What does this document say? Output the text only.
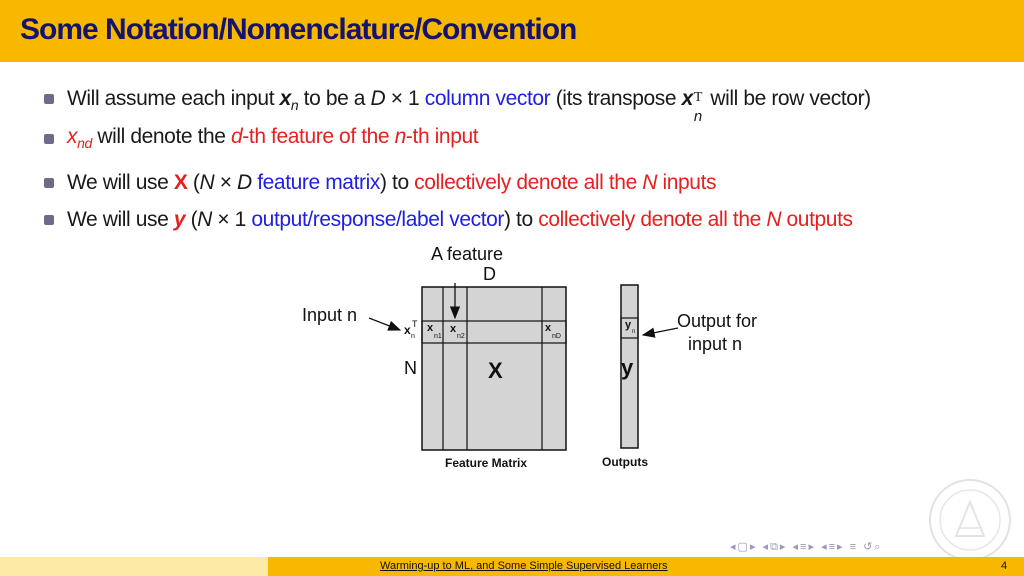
Some Notation/Nomenclature/Convention
Will assume each input $x_n$ to be a D × 1 column vector (its transpose x T
n
will be row vector)
$x_{nd}$ will denote the d-th feature of the n-th input
We will use X (N × D feature matrix) to collectively denote all the N inputs
We will use y (N × 1 output/response/label vector) to collectively denote all the N outputs
A feature
D
Input n
N	X	y
Output for
input n
Feature Matrix	Outputs
x T
n
x
n1
x
n2
x
nD
y
n
◂▢▸ ◂⧉▸ ◂≡▸ ◂≡▸ ≡ ↺⌕
Warming-up to ML, and Some Simple Supervised Learners	4
